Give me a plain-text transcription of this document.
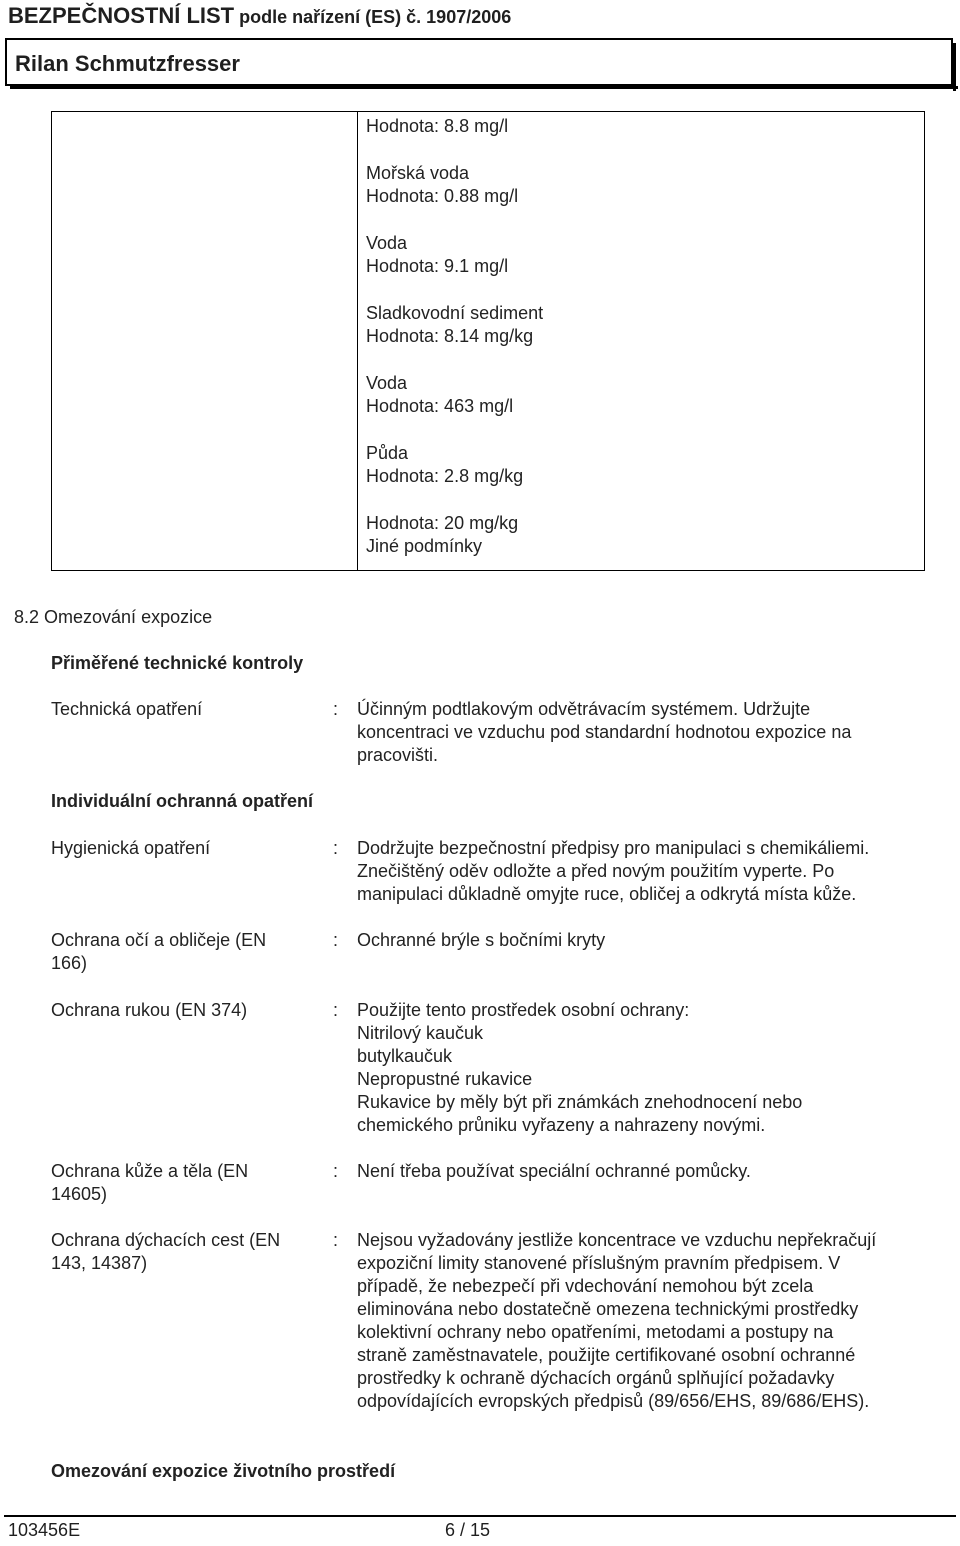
BEZPEČNOSTNÍ LIST podle nařízení (ES) č. 1907/2006
Rilan Schmutzfresser

Hodnota: 8.8 mg/l
Mořská voda
Hodnota: 0.88 mg/l
Voda
Hodnota: 9.1 mg/l
Sladkovodní sediment
Hodnota: 8.14 mg/kg
Voda
Hodnota: 463 mg/l
Půda
Hodnota: 2.8 mg/kg
Hodnota: 20 mg/kg
Jiné podmínky
8.2 Omezování expozice
Přiměřené technické kontroly
Technická opatření	: Účinným podtlakovým odvětrávacím systémem. Udržujte
koncentraci ve vzduchu pod standardní hodnotou expozice na
pracovišti.
Individuální ochranná opatření
Hygienická opatření	: Dodržujte bezpečnostní předpisy pro manipulaci s chemikáliemi.
Znečištěný oděv odložte a před novým použitím vyperte. Po
manipulaci důkladně omyjte ruce, obličej a odkrytá místa kůže.
Ochrana očí a obličeje (EN
166)
: Ochranné brýle s bočními kryty
Ochrana rukou (EN 374)	: Použijte tento prostředek osobní ochrany:
Nitrilový kaučuk
butylkaučuk
Nepropustné rukavice
Rukavice by měly být při známkách znehodnocení nebo
chemického průniku vyřazeny a nahrazeny novými.
Ochrana kůže a těla (EN
14605)
: Není třeba používat speciální ochranné pomůcky.
Ochrana dýchacích cest (EN
143, 14387)
: Nejsou vyžadovány jestliže koncentrace ve vzduchu nepřekračují
expoziční limity stanovené příslušným pravním předpisem. V
případě, že nebezpečí při vdechování nemohou být zcela
eliminována nebo dostatečně omezena technickými prostředky
kolektivní ochrany nebo opatřeními, metodami a postupy na
straně zaměstnavatele, použijte certifikované osobní ochranné
prostředky k ochraně dýchacích orgánů splňující požadavky
odpovídajících evropských předpisů (89/656/EHS, 89/686/EHS).
Omezování expozice životního prostředí
103456E	6 / 15
